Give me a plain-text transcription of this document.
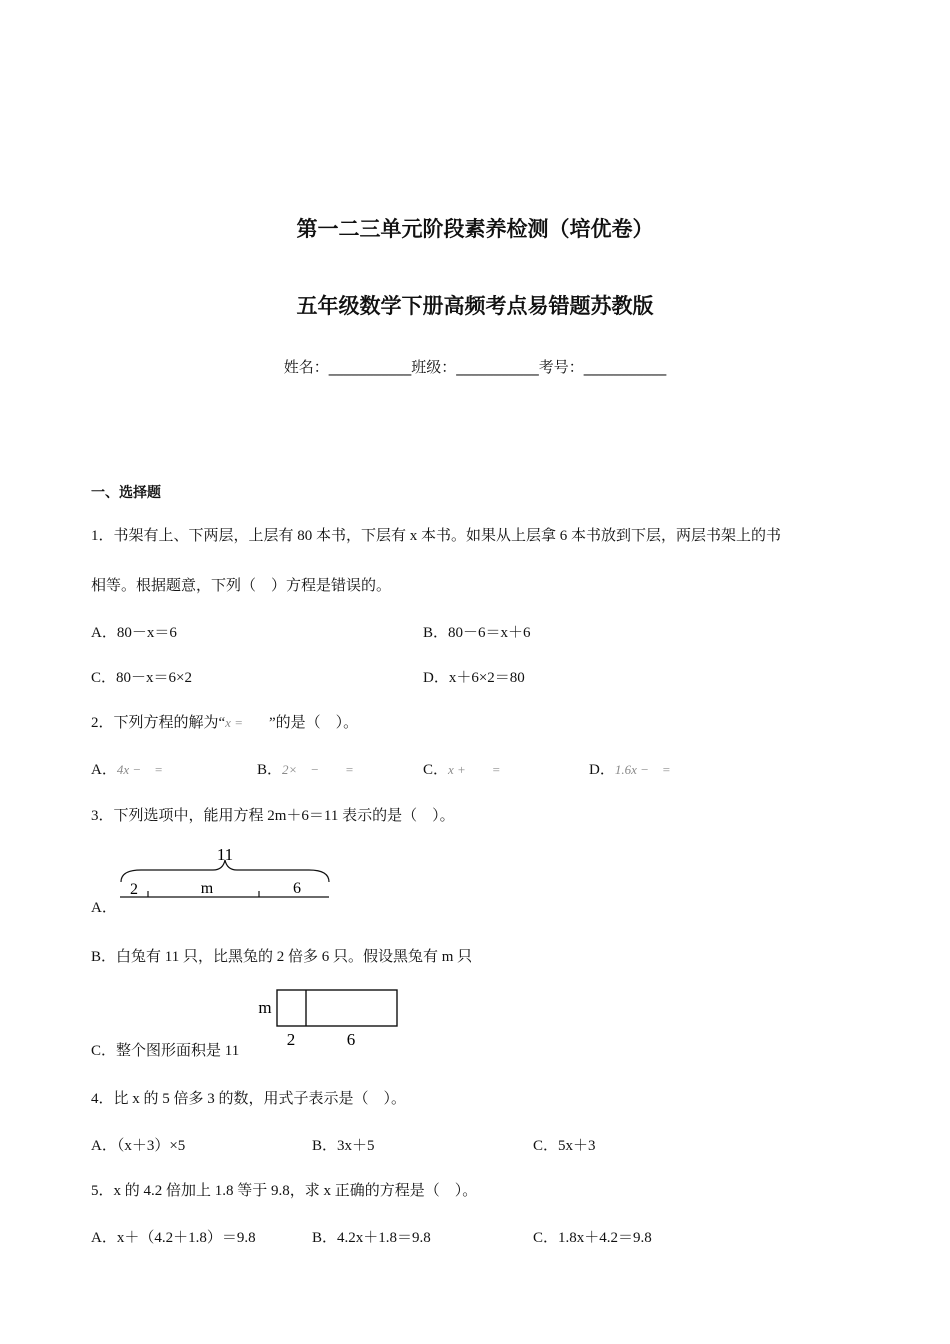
第一二三单元阶段素养检测（培优卷）
五年级数学下册高频考点易错题苏教版
姓名：___________班级：___________考号：___________
一、选择题
1．书架有上、下两层，上层有 80 本书，下层有 x 本书。如果从上层拿 6 本书放到下层，两层书架上的书
相等。根据题意，下列（　）方程是错误的。
A．80－x＝6	B．80－6＝x＋6
C．80－x＝6×2	D．x＋6×2＝80
2．下列方程的解为“x = ”的是（　）。
A．4x −　=	B．2×　−　　=	C．x +　　=	D．1.6x −　=
3．下列选项中，能用方程 2m＋6＝11 表示的是（　）。
A．
11
2	m	6
B．白兔有 11 只，比黑兔的 2 倍多 6 只。假设黑兔有 m 只
C．整个图形面积是 11
m
2	6
4．比 x 的 5 倍多 3 的数，用式子表示是（　）。
A．（x＋3）×5	B．3x＋5	C．5x＋3
5．x 的 4.2 倍加上 1.8 等于 9.8，求 x 正确的方程是（　）。
A．x＋（4.2＋1.8）＝9.8	B．4.2x＋1.8＝9.8	C．1.8x＋4.2＝9.8
